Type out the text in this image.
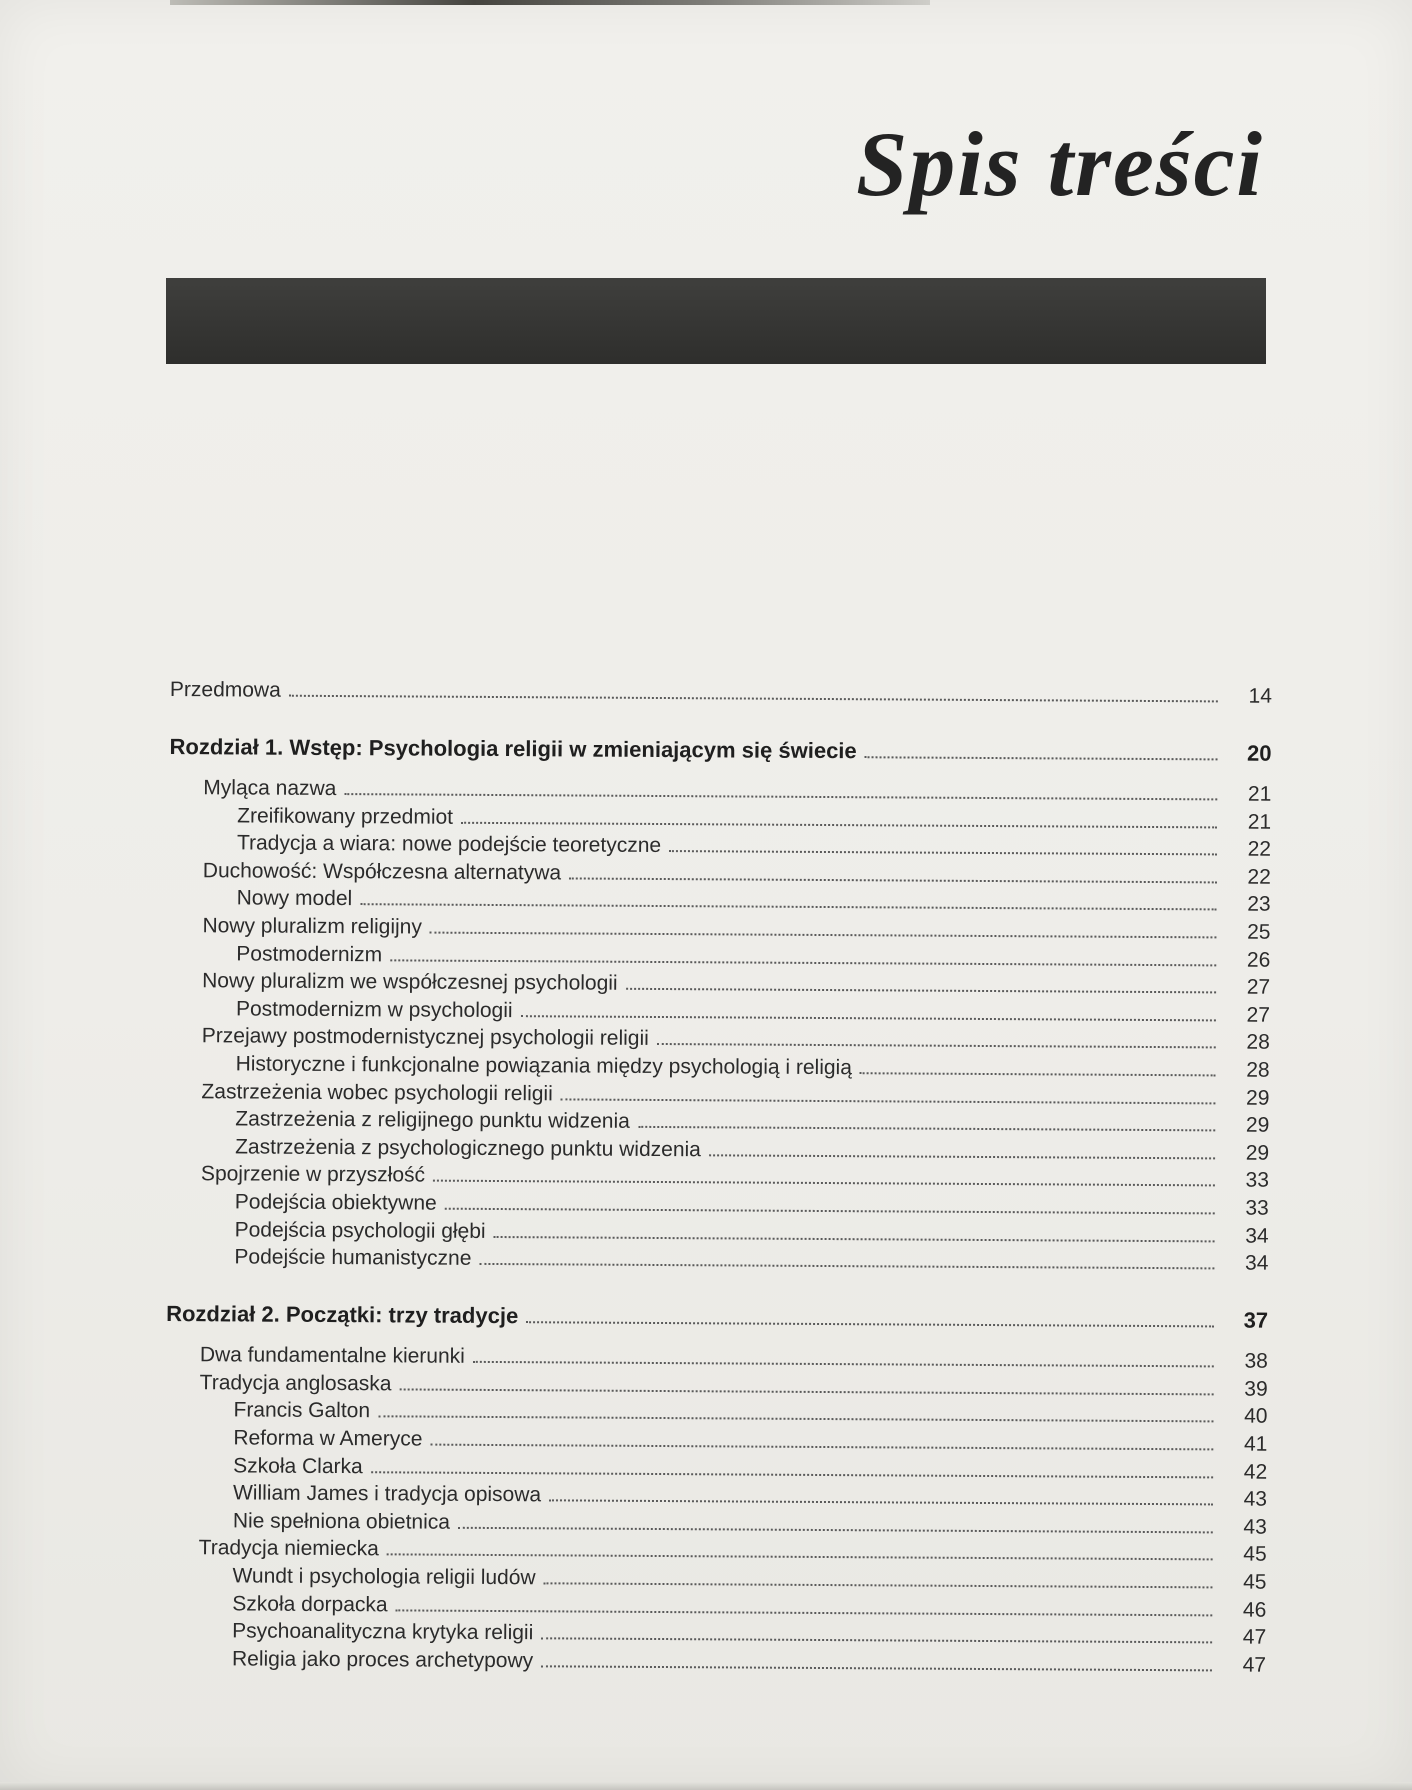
Spis treści
Przedmowa	14
Rozdział 1. Wstęp: Psychologia religii w zmieniającym się świecie	20
Myląca nazwa	21
Zreifikowany przedmiot	21
Tradycja a wiara: nowe podejście teoretyczne	22
Duchowość: Współczesna alternatywa	22
Nowy model	23
Nowy pluralizm religijny	25
Postmodernizm	26
Nowy pluralizm we współczesnej psychologii	27
Postmodernizm w psychologii	27
Przejawy postmodernistycznej psychologii religii	28
Historyczne i funkcjonalne powiązania między psychologią i religią	28
Zastrzeżenia wobec psychologii religii	29
Zastrzeżenia z religijnego punktu widzenia	29
Zastrzeżenia z psychologicznego punktu widzenia	29
Spojrzenie w przyszłość	33
Podejścia obiektywne	33
Podejścia psychologii głębi	34
Podejście humanistyczne	34
Rozdział 2. Początki: trzy tradycje	37
Dwa fundamentalne kierunki	38
Tradycja anglosaska	39
Francis Galton	40
Reforma w Ameryce	41
Szkoła Clarka	42
William James i tradycja opisowa	43
Nie spełniona obietnica	43
Tradycja niemiecka	45
Wundt i psychologia religii ludów	45
Szkoła dorpacka	46
Psychoanalityczna krytyka religii	47
Religia jako proces archetypowy	47
